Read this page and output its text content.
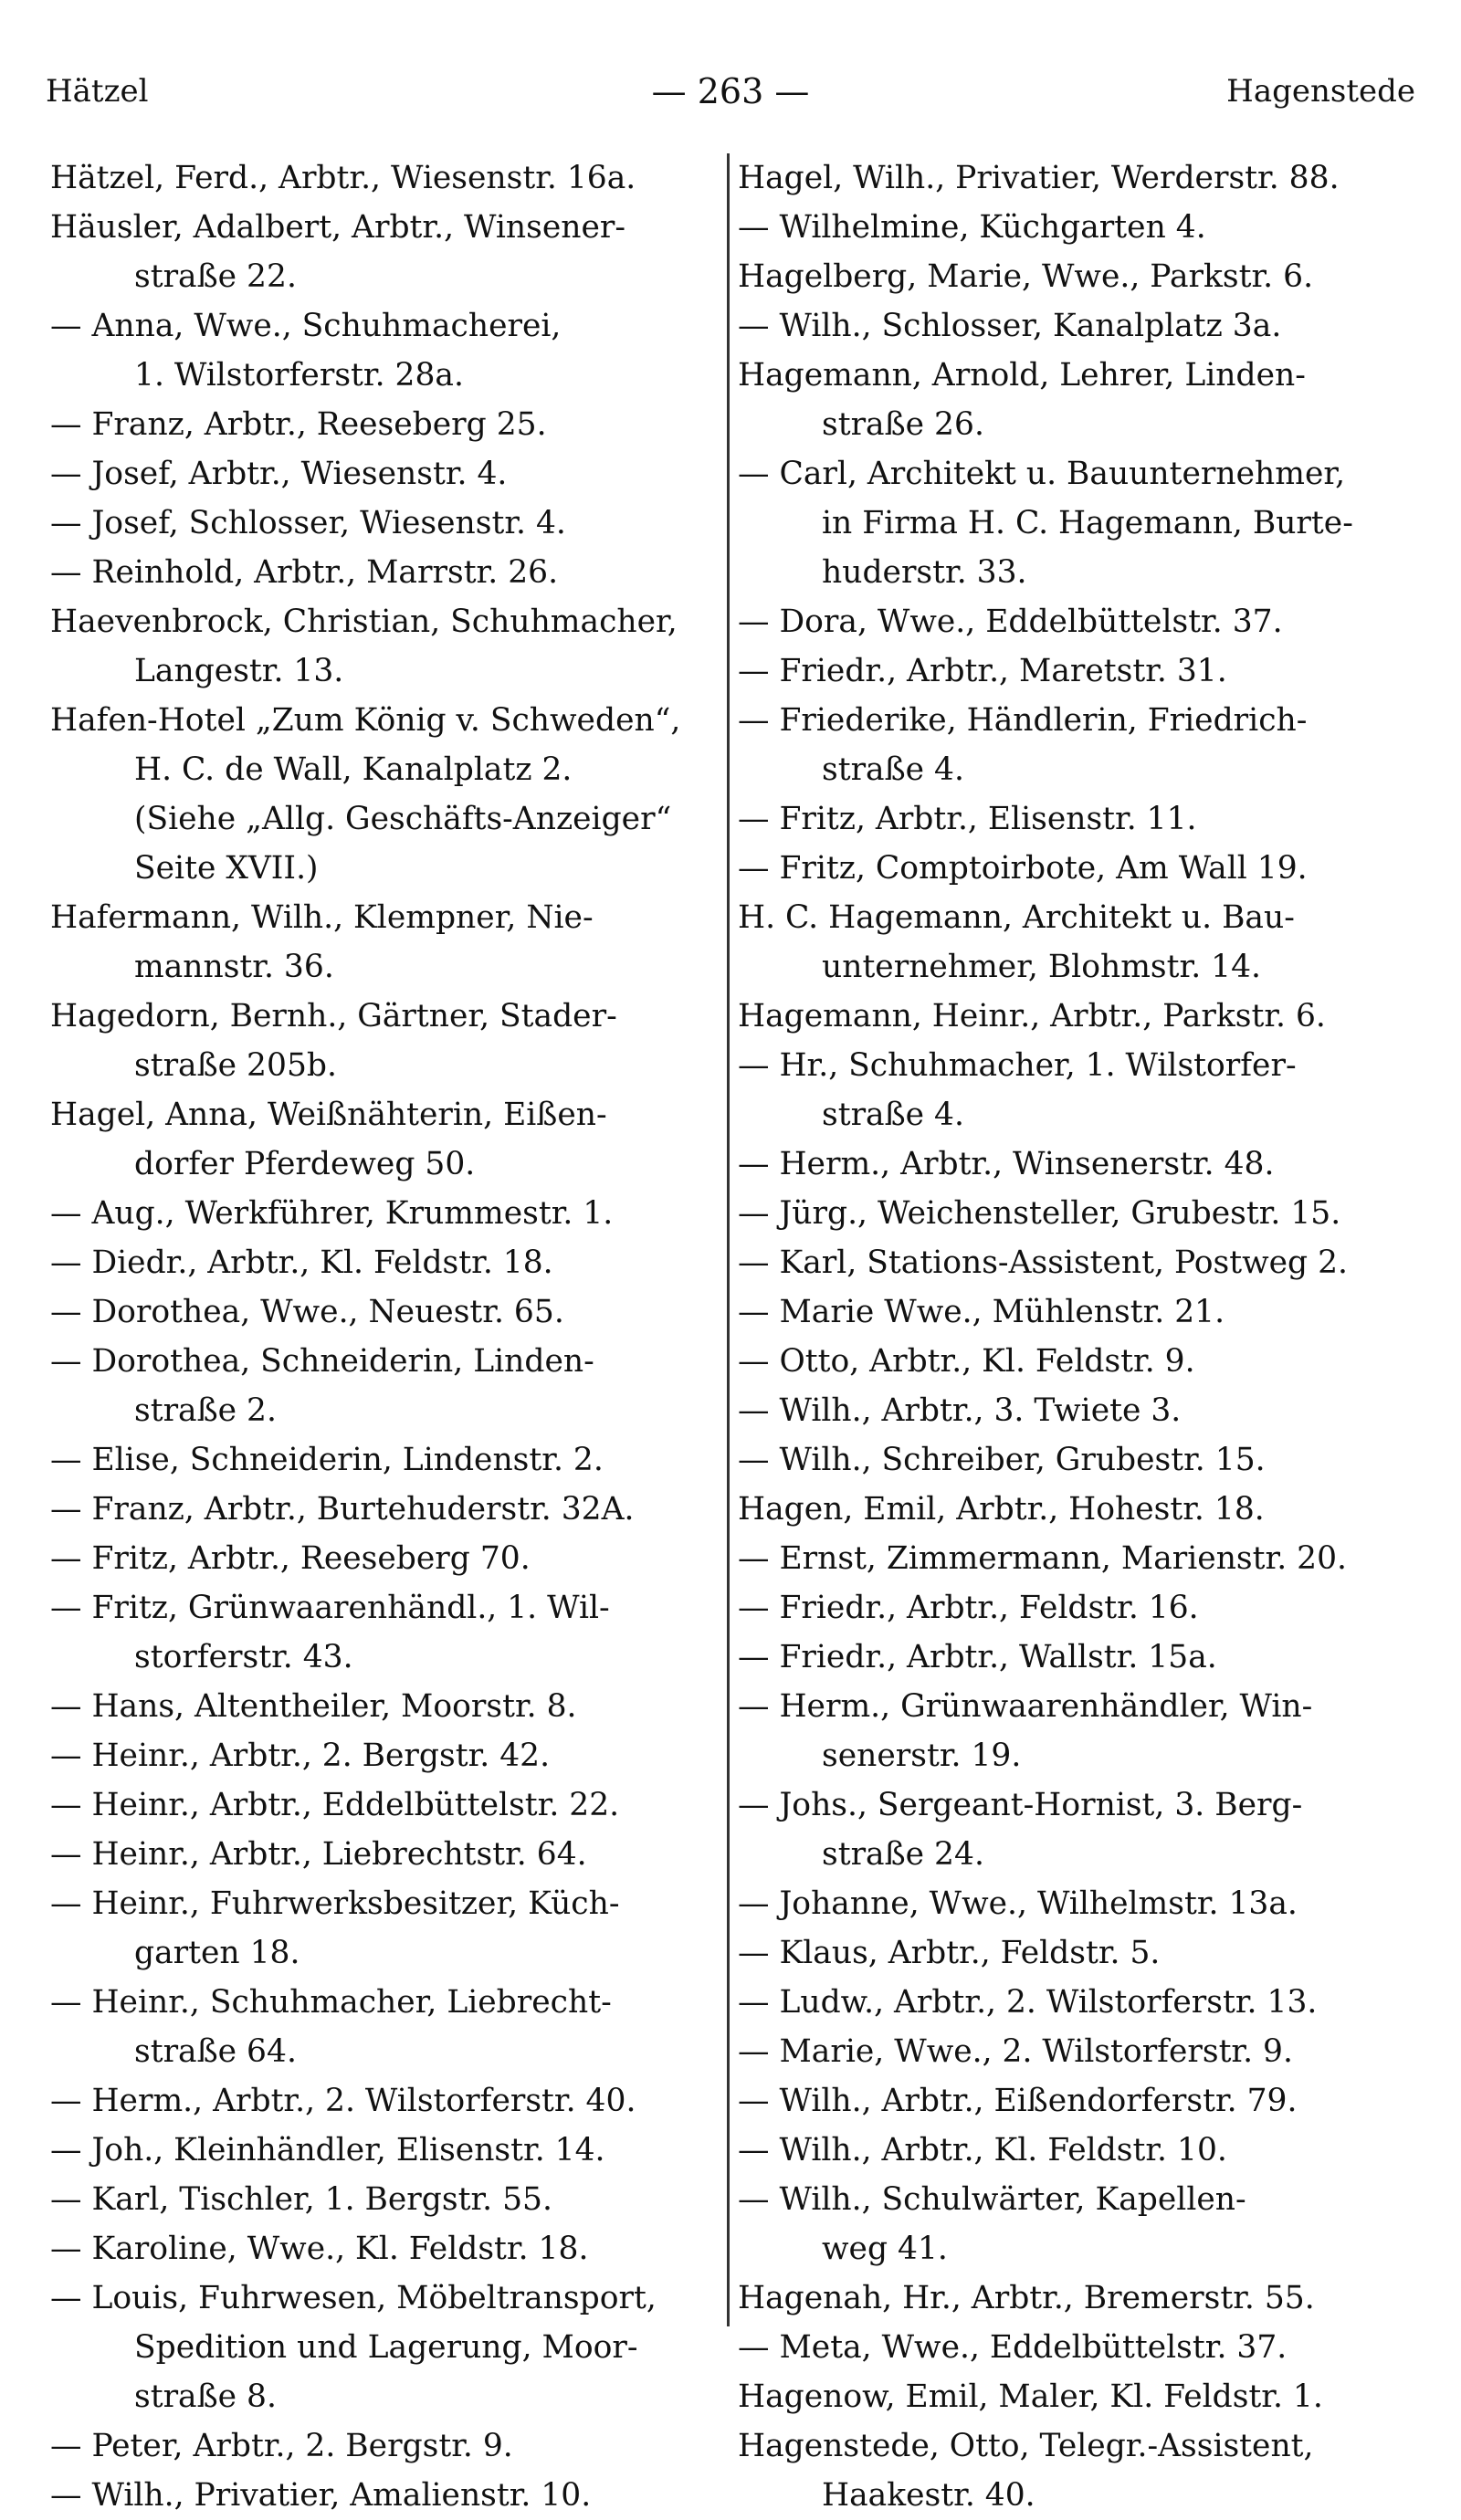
Hätzel	— 263 —	Hagenstede
Hätzel, Ferd., Arbtr., Wiesenstr. 16a.
Häusler, Adalbert, Arbtr., Winsener-
straße 22.
— Anna, Wwe., Schuhmacherei,
1. Wilstorferstr. 28a.
— Franz, Arbtr., Reeseberg 25.
— Josef, Arbtr., Wiesenstr. 4.
— Josef, Schlosser, Wiesenstr. 4.
— Reinhold, Arbtr., Marrstr. 26.
Haevenbrock, Christian, Schuhmacher,
Langestr. 13.
Hafen-Hotel „Zum König v. Schweden“,
H. C. de Wall, Kanalplatz 2.
(Siehe „Allg. Geschäfts-Anzeiger“
Seite XVII.)
Hafermann, Wilh., Klempner, Nie-
mannstr. 36.
Hagedorn, Bernh., Gärtner, Stader-
straße 205b.
Hagel, Anna, Weißnähterin, Eißen-
dorfer Pferdeweg 50.
— Aug., Werkführer, Krummestr. 1.
— Diedr., Arbtr., Kl. Feldstr. 18.
— Dorothea, Wwe., Neuestr. 65.
— Dorothea, Schneiderin, Linden-
straße 2.
— Elise, Schneiderin, Lindenstr. 2.
— Franz, Arbtr., Burtehuderstr. 32A.
— Fritz, Arbtr., Reeseberg 70.
— Fritz, Grünwaarenhändl., 1. Wil-
storferstr. 43.
— Hans, Altentheiler, Moorstr. 8.
— Heinr., Arbtr., 2. Bergstr. 42.
— Heinr., Arbtr., Eddelbüttelstr. 22.
— Heinr., Arbtr., Liebrechtstr. 64.
— Heinr., Fuhrwerksbesitzer, Küch-
garten 18.
— Heinr., Schuhmacher, Liebrecht-
straße 64.
— Herm., Arbtr., 2. Wilstorferstr. 40.
— Joh., Kleinhändler, Elisenstr. 14.
— Karl, Tischler, 1. Bergstr. 55.
— Karoline, Wwe., Kl. Feldstr. 18.
— Louis, Fuhrwesen, Möbeltransport,
Spedition und Lagerung, Moor-
straße 8.
— Peter, Arbtr., 2. Bergstr. 9.
— Wilh., Privatier, Amalienstr. 10.
Hagel, Wilh., Privatier, Werderstr. 88.
— Wilhelmine, Küchgarten 4.
Hagelberg, Marie, Wwe., Parkstr. 6.
— Wilh., Schlosser, Kanalplatz 3a.
Hagemann, Arnold, Lehrer, Linden-
straße 26.
— Carl, Architekt u. Bauunternehmer,
in Firma H. C. Hagemann, Burte-
huderstr. 33.
— Dora, Wwe., Eddelbüttelstr. 37.
— Friedr., Arbtr., Maretstr. 31.
— Friederike, Händlerin, Friedrich-
straße 4.
— Fritz, Arbtr., Elisenstr. 11.
— Fritz, Comptoirbote, Am Wall 19.
H. C. Hagemann, Architekt u. Bau-
unternehmer, Blohmstr. 14.
Hagemann, Heinr., Arbtr., Parkstr. 6.
— Hr., Schuhmacher, 1. Wilstorfer-
straße 4.
— Herm., Arbtr., Winsenerstr. 48.
— Jürg., Weichensteller, Grubestr. 15.
— Karl, Stations-Assistent, Postweg 2.
— Marie Wwe., Mühlenstr. 21.
— Otto, Arbtr., Kl. Feldstr. 9.
— Wilh., Arbtr., 3. Twiete 3.
— Wilh., Schreiber, Grubestr. 15.
Hagen, Emil, Arbtr., Hohestr. 18.
— Ernst, Zimmermann, Marienstr. 20.
— Friedr., Arbtr., Feldstr. 16.
— Friedr., Arbtr., Wallstr. 15a.
— Herm., Grünwaarenhändler, Win-
senerstr. 19.
— Johs., Sergeant-Hornist, 3. Berg-
straße 24.
— Johanne, Wwe., Wilhelmstr. 13a.
— Klaus, Arbtr., Feldstr. 5.
— Ludw., Arbtr., 2. Wilstorferstr. 13.
— Marie, Wwe., 2. Wilstorferstr. 9.
— Wilh., Arbtr., Eißendorferstr. 79.
— Wilh., Arbtr., Kl. Feldstr. 10.
— Wilh., Schulwärter, Kapellen-
weg 41.
Hagenah, Hr., Arbtr., Bremerstr. 55.
— Meta, Wwe., Eddelbüttelstr. 37.
Hagenow, Emil, Maler, Kl. Feldstr. 1.
Hagenstede, Otto, Telegr.-Assistent,
Haakestr. 40.
